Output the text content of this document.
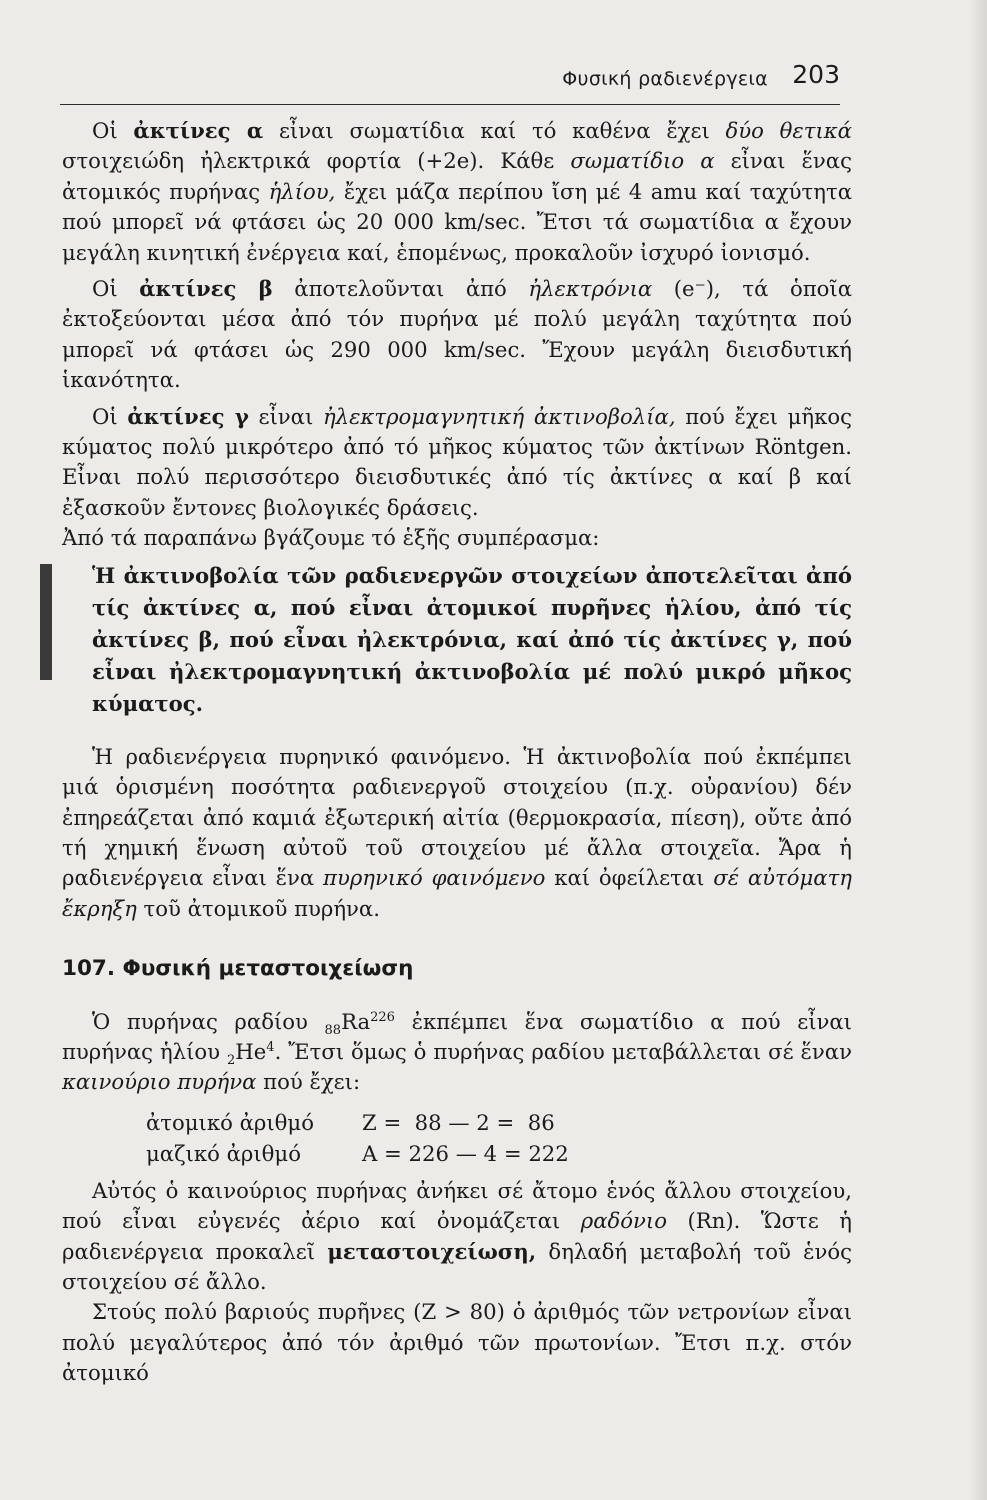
Φυσική ραδιενέργεια 203

Οἱ ἀκτίνες α εἶναι σωματίδια καί τό καθένα ἔχει δύο θετικά στοιχειώδη ἠλεκτρικά φορτία (+2e). Κάθε σωματίδιο α εἶναι ἕνας ἀτομικός πυρήνας ἡλίου, ἔχει μάζα περίπου ἴση μέ 4 amu καί ταχύτητα πού μπορεῖ νά φτάσει ὡς 20 000 km/sec. Ἔτσι τά σωματίδια α ἔχουν μεγάλη κινητική ἐνέργεια καί, ἑπομένως, προκαλοῦν ἰσχυρό ἰονισμό.

Οἱ ἀκτίνες β ἀποτελοῦνται ἀπό ἠλεκτρόνια (e⁻), τά ὁποῖα ἐκτοξεύονται μέσα ἀπό τόν πυρήνα μέ πολύ μεγάλη ταχύτητα πού μπορεῖ νά φτάσει ὡς 290 000 km/sec. Ἔχουν μεγάλη διεισδυτική ἱκανότητα.

Οἱ ἀκτίνες γ εἶναι ἠλεκτρομαγνητική ἀκτινοβολία, πού ἔχει μῆκος κύματος πολύ μικρότερο ἀπό τό μῆκος κύματος τῶν ἀκτίνων Röntgen. Εἶναι πολύ περισσότερο διεισδυτικές ἀπό τίς ἀκτίνες α καί β καί ἐξασκοῦν ἔντονες βιολογικές δράσεις.

Ἀπό τά παραπάνω βγάζουμε τό ἑξῆς συμπέρασμα:

Ἡ ἀκτινοβολία τῶν ραδιενεργῶν στοιχείων ἀποτελεῖται ἀπό τίς ἀκτίνες α, πού εἶναι ἀτομικοί πυρῆνες ἡλίου, ἀπό τίς ἀκτίνες β, πού εἶναι ἠλεκτρόνια, καί ἀπό τίς ἀκτίνες γ, πού εἶναι ἠλεκτρομαγνητική ἀκτινοβολία μέ πολύ μικρό μῆκος κύματος.

Ἡ ραδιενέργεια πυρηνικό φαινόμενο. Ἡ ἀκτινοβολία πού ἐκπέμπει μιά ὁρισμένη ποσότητα ραδιενεργοῦ στοιχείου (π.χ. οὐρανίου) δέν ἐπηρεάζεται ἀπό καμιά ἐξωτερική αἰτία (θερμοκρασία, πίεση), οὔτε ἀπό τή χημική ἕνωση αὐτοῦ τοῦ στοιχείου μέ ἄλλα στοιχεῖα. Ἄρα ἡ ραδιενέργεια εἶναι ἕνα πυρηνικό φαινόμενο καί ὀφείλεται σέ αὐτόματη ἔκρηξη τοῦ ἀτομικοῦ πυρήνα.

107. Φυσική μεταστοιχείωση

Ὁ πυρήνας ραδίου $_{88}Ra^{226}$ ἐκπέμπει ἕνα σωματίδιο α πού εἶναι πυρήνας ἡλίου $_2He^4$. Ἔτσι ὅμως ὁ πυρήνας ραδίου μεταβάλλεται σέ ἕναν καινούριο πυρήνα πού ἔχει:

ἀτομικό ἀριθμό	Z =  88 — 2 =  86
μαζικό ἀριθμό	A = 226 — 4 = 222

Αὐτός ὁ καινούριος πυρήνας ἀνήκει σέ ἄτομο ἑνός ἄλλου στοιχείου, πού εἶναι εὐγενές ἀέριο καί ὀνομάζεται ραδόνιο (Rn). Ὥστε ἡ ραδιενέργεια προκαλεῖ μεταστοιχείωση, δηλαδή μεταβολή τοῦ ἑνός στοιχείου σέ ἄλλο.

Στούς πολύ βαριούς πυρῆνες (Z > 80) ὁ ἀριθμός τῶν νετρονίων εἶναι πολύ μεγαλύτερος ἀπό τόν ἀριθμό τῶν πρωτονίων. Ἔτσι π.χ. στόν ἀτομικό
